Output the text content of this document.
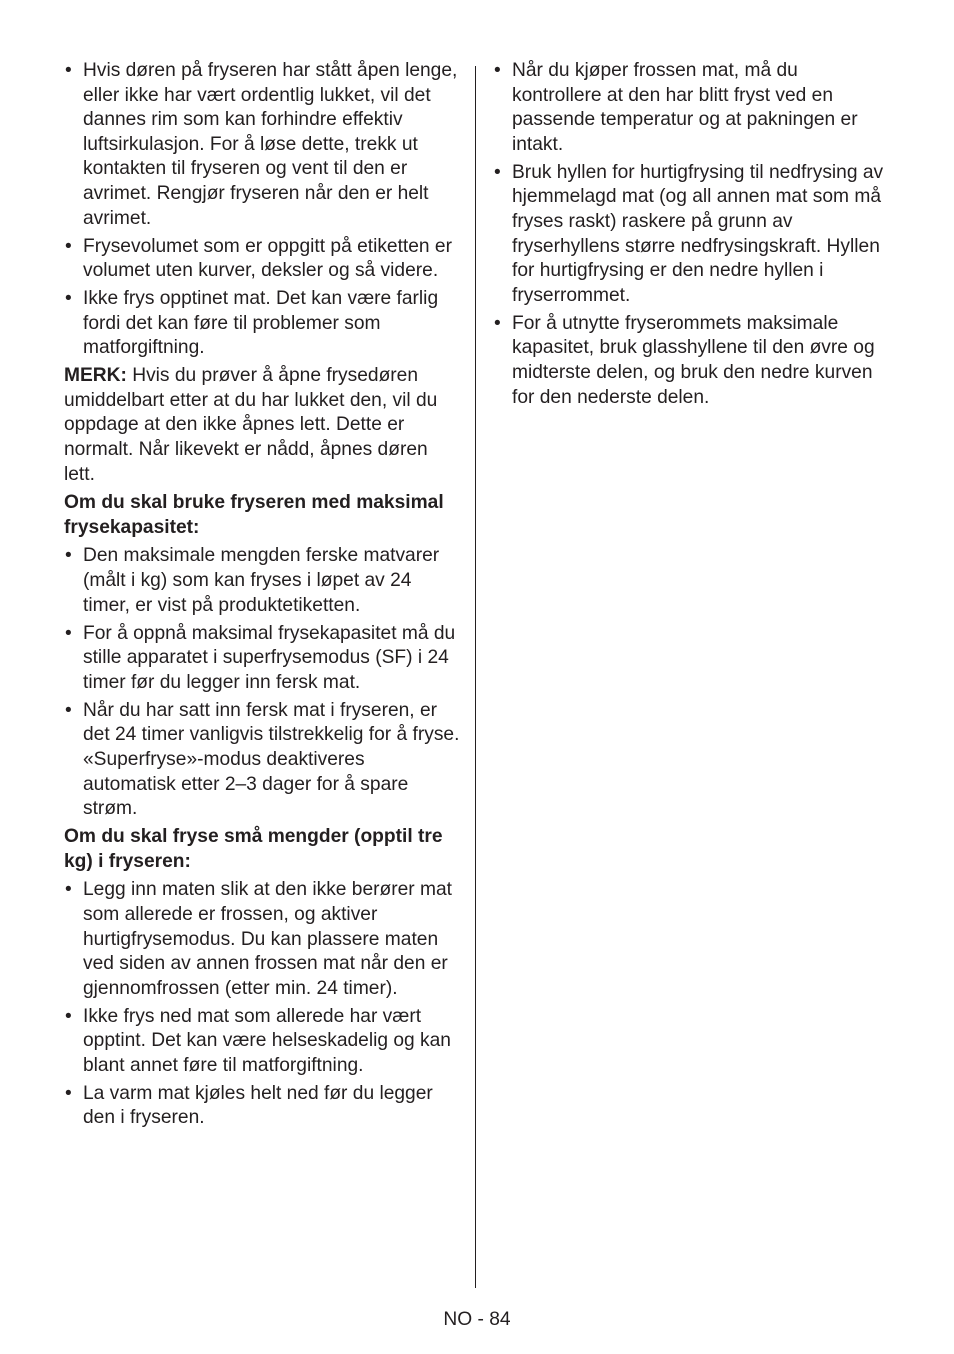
• Hvis døren på fryseren har stått åpen lenge, eller ikke har vært ordentlig lukket, vil det dannes rim som kan forhindre effektiv luftsirkulasjon. For å løse dette, trekk ut kontakten til fryseren og vent til den er avrimet. Rengjør fryseren når den er helt avrimet.
• Frysevolumet som er oppgitt på etiketten er volumet uten kurver, deksler og så videre.
• Ikke frys opptinet mat. Det kan være farlig fordi det kan føre til problemer som matforgiftning.

MERK: Hvis du prøver å åpne frysedøren umiddelbart etter at du har lukket den, vil du oppdage at den ikke åpnes lett. Dette er normalt. Når likevekt er nådd, åpnes døren lett.

Om du skal bruke fryseren med maksimal frysekapasitet:

• Den maksimale mengden ferske matvarer (målt i kg) som kan fryses i løpet av 24 timer, er vist på produktetiketten.
• For å oppnå maksimal frysekapasitet må du stille apparatet i superfrysemodus (SF) i 24 timer før du legger inn fersk mat.
• Når du har satt inn fersk mat i fryseren, er det 24 timer vanligvis tilstrekkelig for å fryse. «Superfryse»-modus deaktiveres automatisk etter 2–3 dager for å spare strøm.

Om du skal fryse små mengder (opptil tre kg) i fryseren:

• Legg inn maten slik at den ikke berører mat som allerede er frossen, og aktiver hurtigfrysemodus. Du kan plassere maten ved siden av annen frossen mat når den er gjennomfrossen (etter min. 24 timer).
• Ikke frys ned mat som allerede har vært opptint. Det kan være helseskadelig og kan blant annet føre til matforgiftning.
• La varm mat kjøles helt ned før du legger den i fryseren.
• Når du kjøper frossen mat, må du kontrollere at den har blitt fryst ved en passende temperatur og at pakningen er intakt.
• Bruk hyllen for hurtigfrysing til nedfrysing av hjemmelagd mat (og all annen mat som må fryses raskt) raskere på grunn av fryserhyllens større nedfrysingskraft. Hyllen for hurtigfrysing er den nedre hyllen i fryserrommet.
• For å utnytte fryserommets maksimale kapasitet, bruk glasshyllene til den øvre og midterste delen, og bruk den nedre kurven for den nederste delen.
NO - 84
